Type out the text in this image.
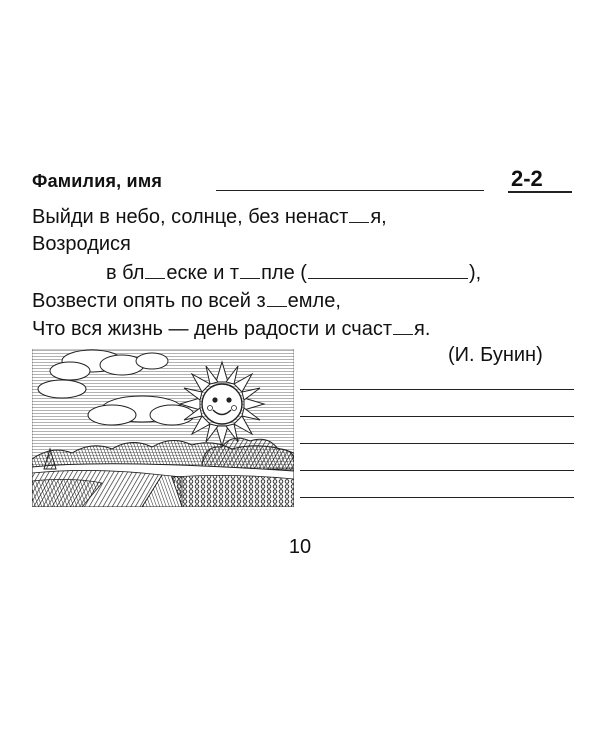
Фамилия, имя	2-2
Выйди в небо, солнце, без ненаст я,
Возродися
в бл еске и т пле (	),
Возвести опять по всей з емле,
Что вся жизнь — день радости и счаст я.
(И. Бунин)
10
